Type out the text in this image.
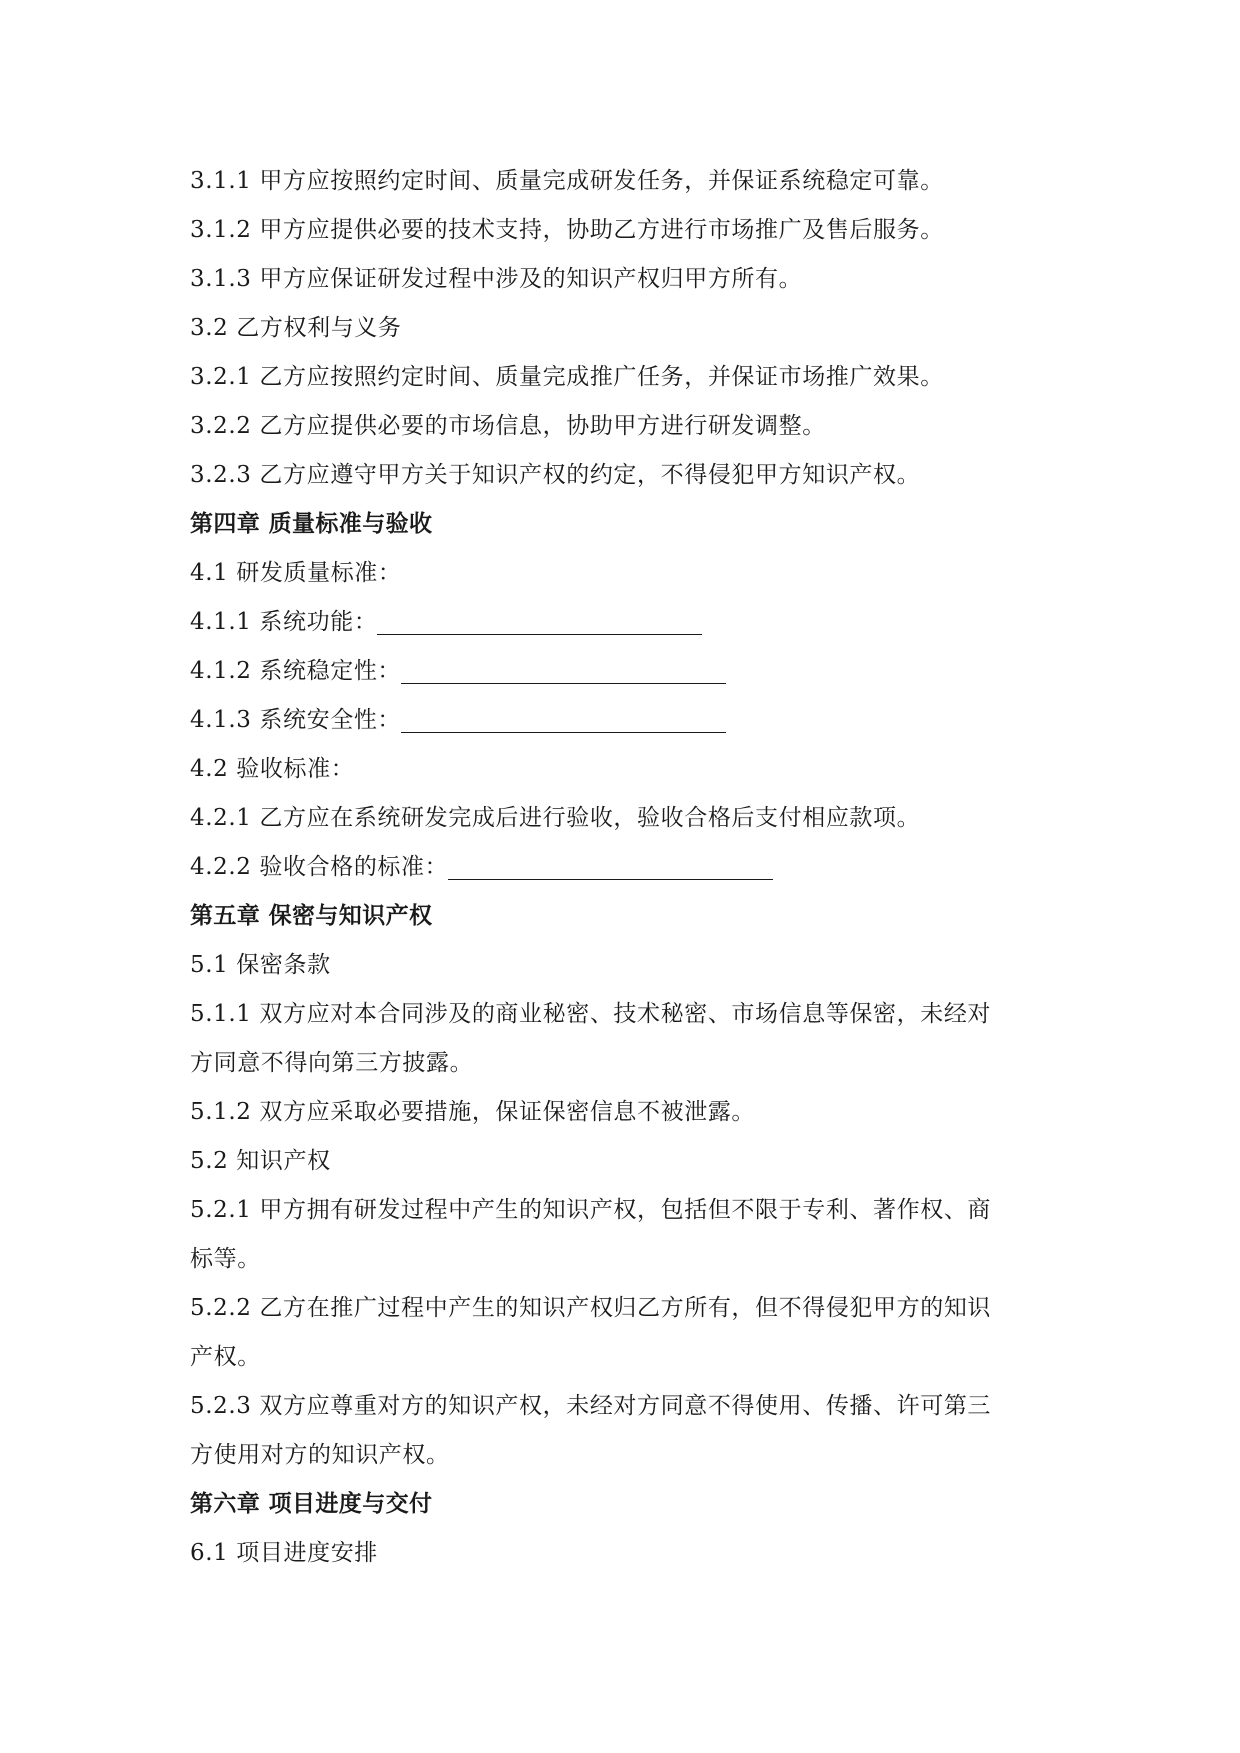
3.1.1 甲方应按照约定时间、质量完成研发任务，并保证系统稳定可靠。
3.1.2 甲方应提供必要的技术支持，协助乙方进行市场推广及售后服务。
3.1.3 甲方应保证研发过程中涉及的知识产权归甲方所有。
3.2 乙方权利与义务
3.2.1 乙方应按照约定时间、质量完成推广任务，并保证市场推广效果。
3.2.2 乙方应提供必要的市场信息，协助甲方进行研发调整。
3.2.3 乙方应遵守甲方关于知识产权的约定，不得侵犯甲方知识产权。
第四章 质量标准与验收
4.1 研发质量标准：
4.1.1 系统功能：
4.1.2 系统稳定性：
4.1.3 系统安全性：
4.2 验收标准：
4.2.1 乙方应在系统研发完成后进行验收，验收合格后支付相应款项。
4.2.2 验收合格的标准：
第五章 保密与知识产权
5.1 保密条款
5.1.1 双方应对本合同涉及的商业秘密、技术秘密、市场信息等保密，未经对
方同意不得向第三方披露。
5.1.2 双方应采取必要措施，保证保密信息不被泄露。
5.2 知识产权
5.2.1 甲方拥有研发过程中产生的知识产权，包括但不限于专利、著作权、商
标等。
5.2.2 乙方在推广过程中产生的知识产权归乙方所有，但不得侵犯甲方的知识
产权。
5.2.3 双方应尊重对方的知识产权，未经对方同意不得使用、传播、许可第三
方使用对方的知识产权。
第六章 项目进度与交付
6.1 项目进度安排
